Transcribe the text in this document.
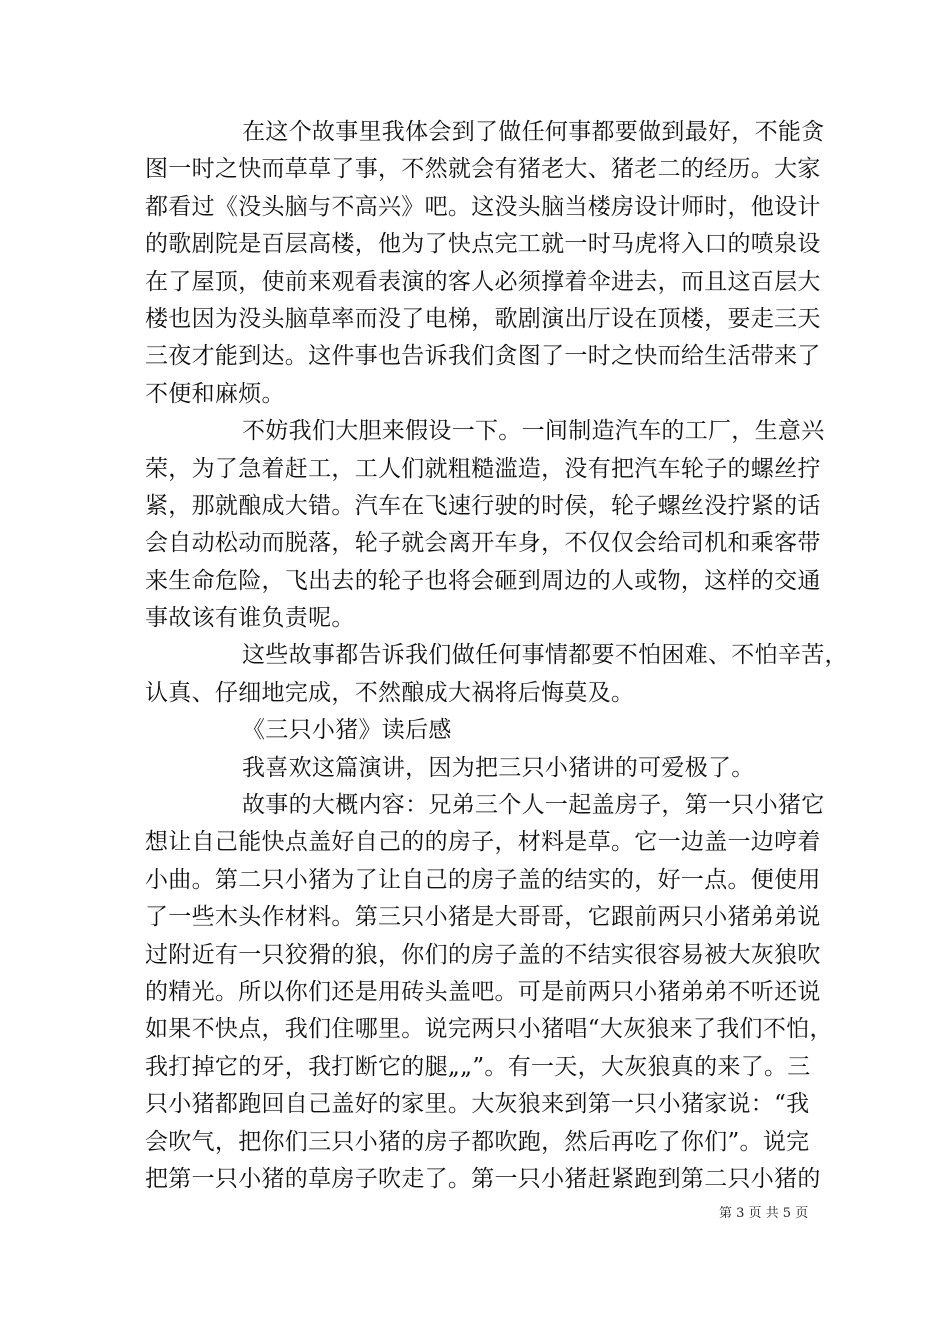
在这个故事里我体会到了做任何事都要做到最好，不能贪
图一时之快而草草了事，不然就会有猪老大、猪老二的经历。大家
都看过《没头脑与不高兴》吧。这没头脑当楼房设计师时，他设计
的歌剧院是百层高楼，他为了快点完工就一时马虎将入口的喷泉设
在了屋顶，使前来观看表演的客人必须撑着伞进去，而且这百层大
楼也因为没头脑草率而没了电梯，歌剧演出厅设在顶楼，要走三天
三夜才能到达。这件事也告诉我们贪图了一时之快而给生活带来了
不便和麻烦。
不妨我们大胆来假设一下。一间制造汽车的工厂，生意兴
荣，为了急着赶工，工人们就粗糙滥造，没有把汽车轮子的螺丝拧
紧，那就酿成大错。汽车在飞速行驶的时侯，轮子螺丝没拧紧的话
会自动松动而脱落，轮子就会离开车身，不仅仅会给司机和乘客带
来生命危险，飞出去的轮子也将会砸到周边的人或物，这样的交通
事故该有谁负责呢。
这些故事都告诉我们做任何事情都要不怕困难、不怕辛苦，
认真、仔细地完成，不然酿成大祸将后悔莫及。
《三只小猪》读后感
我喜欢这篇演讲，因为把三只小猪讲的可爱极了。
故事的大概内容：兄弟三个人一起盖房子，第一只小猪它
想让自己能快点盖好自己的的房子，材料是草。它一边盖一边哼着
小曲。第二只小猪为了让自己的房子盖的结实的，好一点。便使用
了一些木头作材料。第三只小猪是大哥哥，它跟前两只小猪弟弟说
过附近有一只狡猾的狼，你们的房子盖的不结实很容易被大灰狼吹
的精光。所以你们还是用砖头盖吧。可是前两只小猪弟弟不听还说
如果不快点，我们住哪里。说完两只小猪唱“大灰狼来了我们不怕，
我打掉它的牙，我打断它的腿„„”。有一天，大灰狼真的来了。三
只小猪都跑回自己盖好的家里。大灰狼来到第一只小猪家说：“我
会吹气，把你们三只小猪的房子都吹跑，然后再吃了你们”。说完
把第一只小猪的草房子吹走了。第一只小猪赶紧跑到第二只小猪的
第 3 页 共 5 页
